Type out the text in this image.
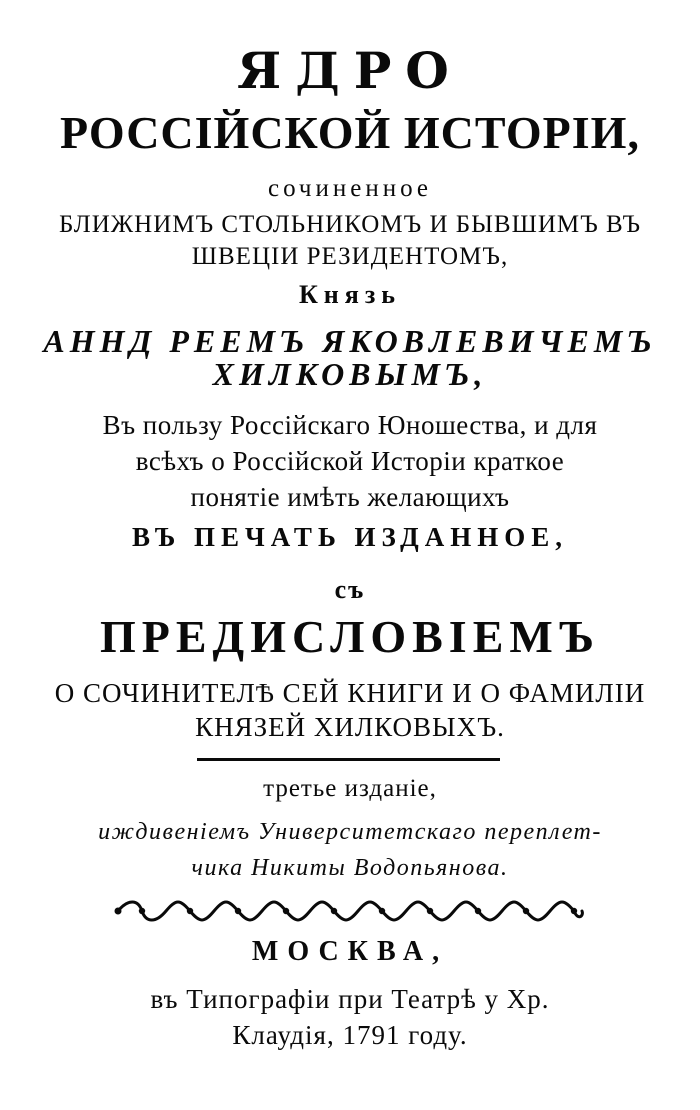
ЯДРО
РОССІЙСКОЙ ИСТОРІИ,
сочиненное
БЛИЖНИМЪ СТОЛЬНИКОМЪ И БЫВШИМЪ ВЪ
ШВЕЦIИ РЕЗИДЕНТОМЪ,
Князь
АННД РЕЕМЪ ЯКОВЛЕВИЧЕМЪ
ХИЛКОВЫМЪ,
Въ пользу Россійскаго Юношества, и для
всѣхъ о Россійской Исторіи краткое
понятіе имѣть желающихъ
ВЪ ПЕЧАТЬ ИЗДАННОЕ,
съ
ПРЕДИСЛОВІЕМЪ
О СОЧИНИТЕЛѢ СЕЙ КНИГИ И О ФАМИЛІИ
КНЯЗЕЙ ХИЛКОВЫХЪ.
третье изданіе,
иждивенiемъ Университетскаго переплет-
чика Никиты Водопьянова.
МОСКВА,
въ Типографiи при Театрѣ у Хр.
Клаудiя, 1791 году.
